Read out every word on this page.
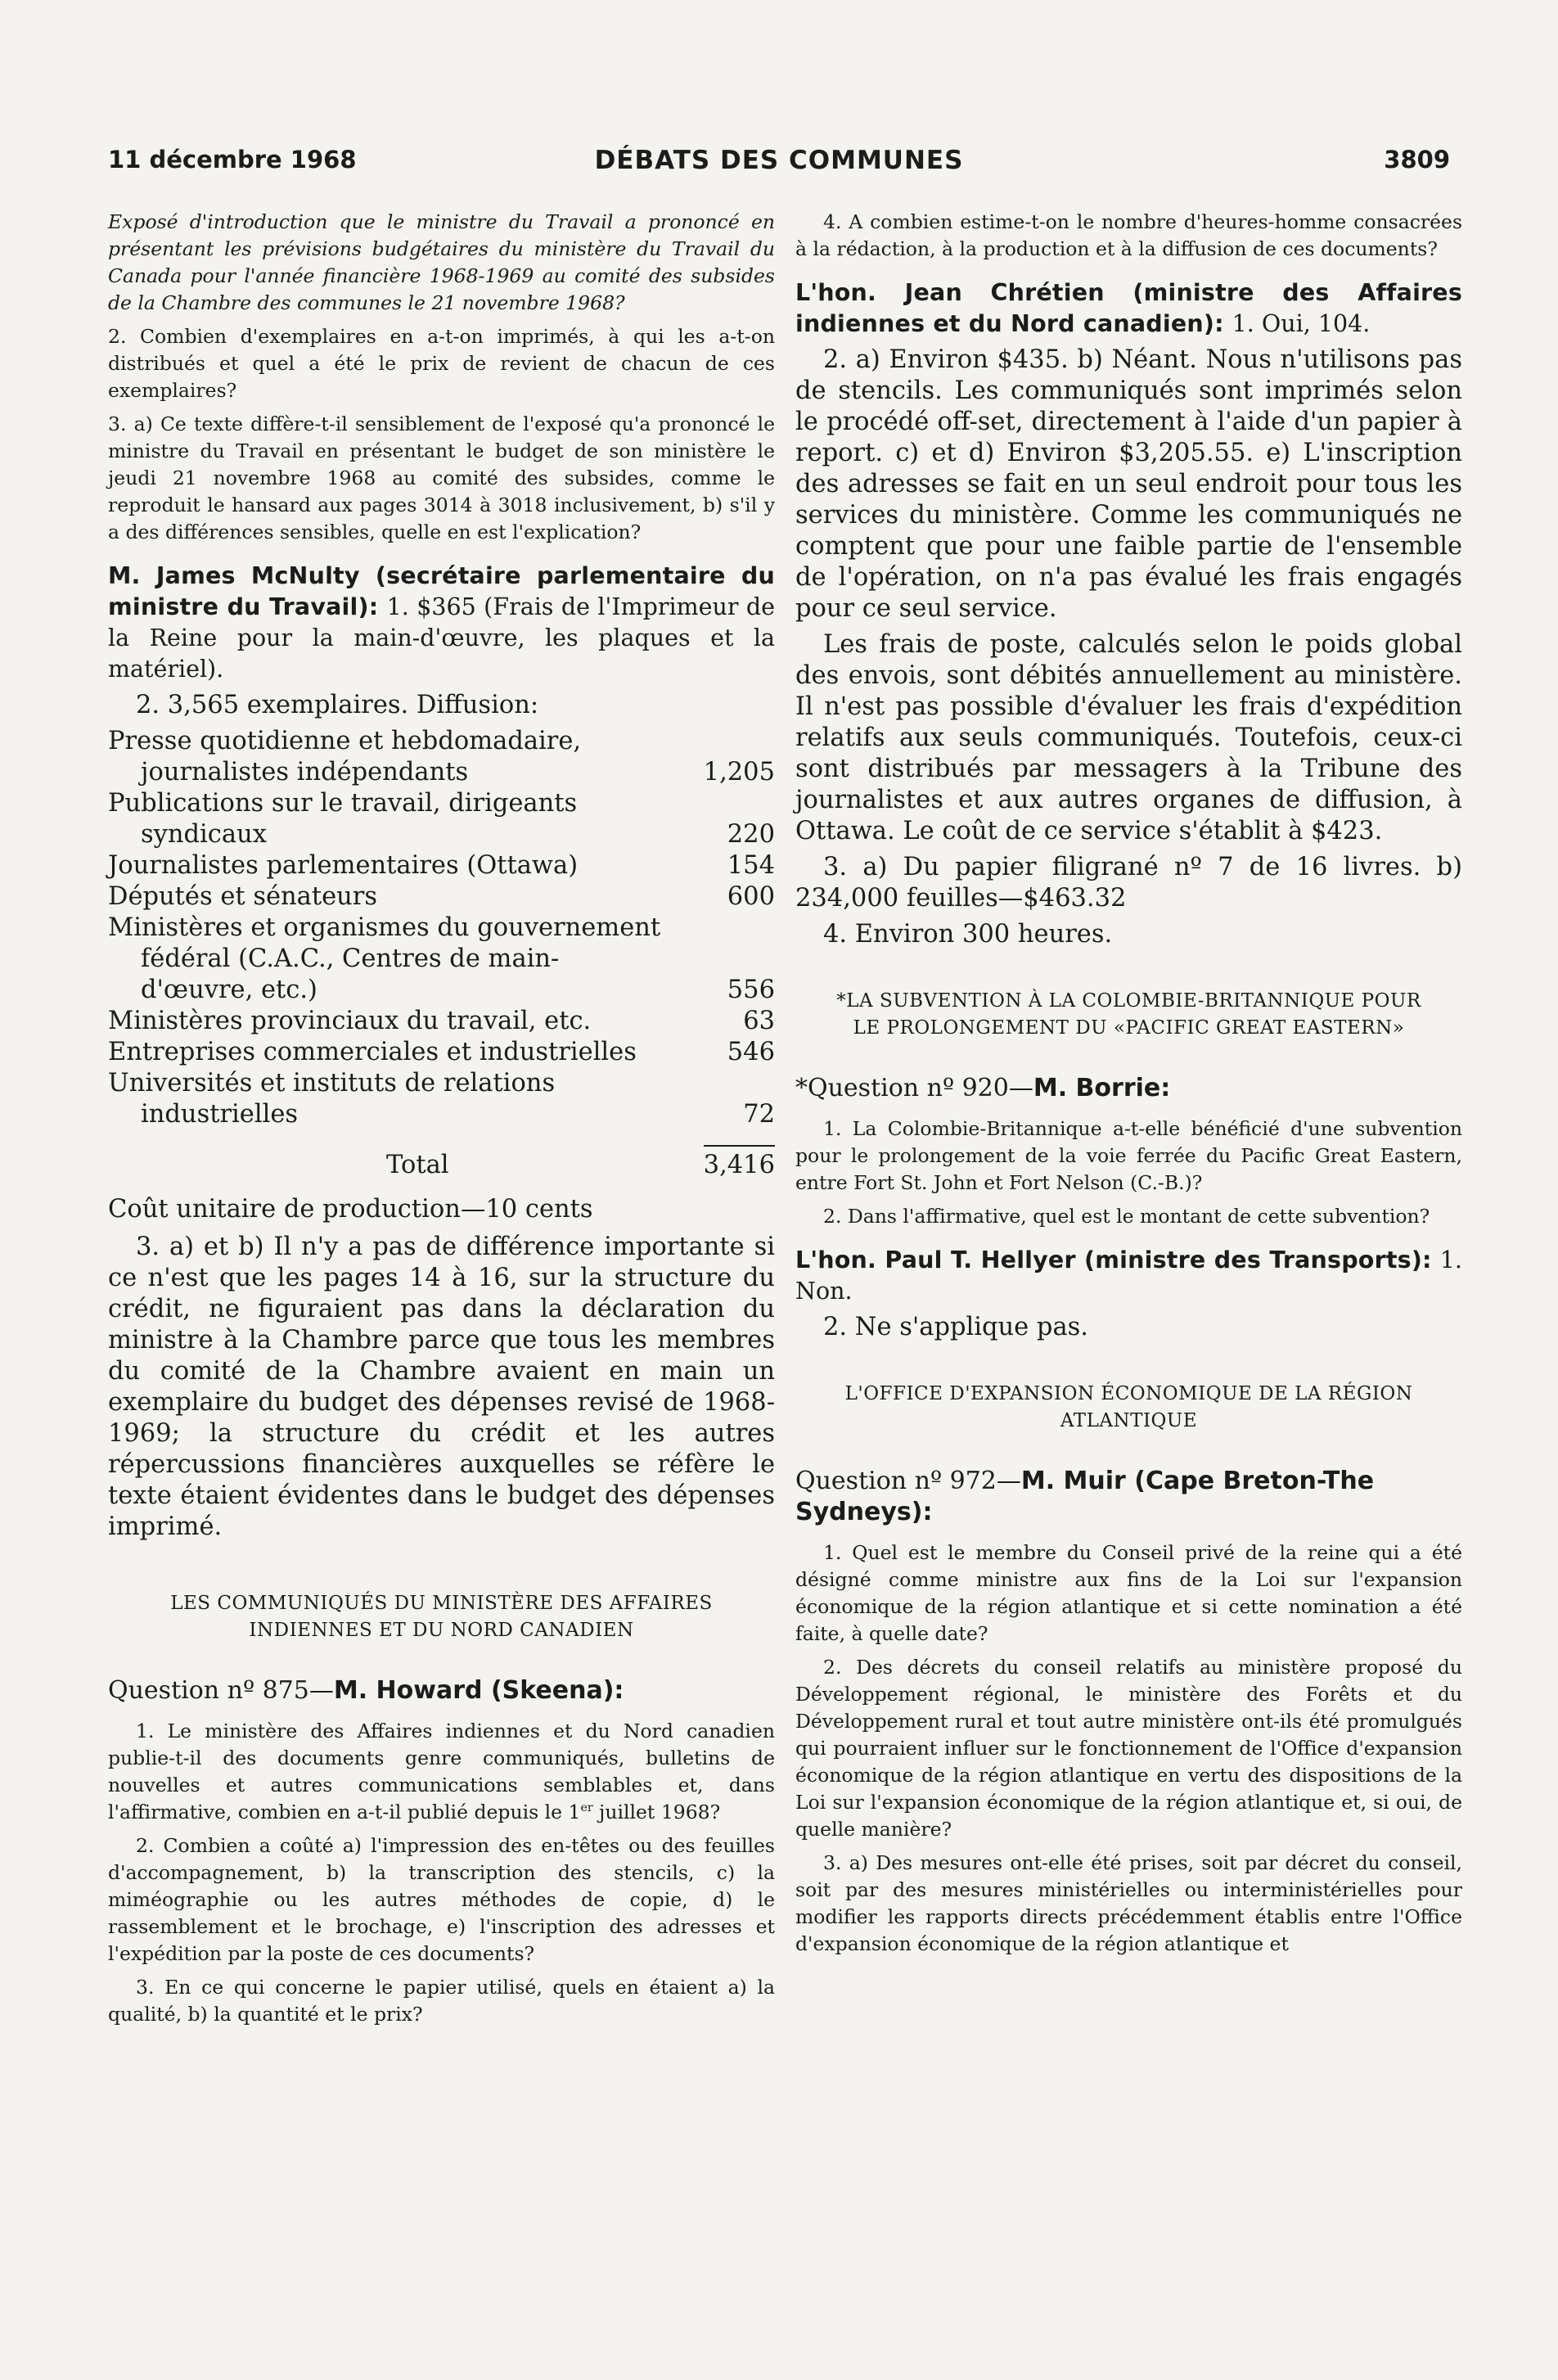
11 décembre 1968	DÉBATS DES COMMUNES	3809

Exposé d'introduction que le ministre du Travail a prononcé en présentant les prévisions budgétaires du ministère du Travail du Canada pour l'année financière 1968-1969 au comité des subsides de la Chambre des communes le 21 novembre 1968?

2. Combien d'exemplaires en a-t-on imprimés, à qui les a-t-on distribués et quel a été le prix de revient de chacun de ces exemplaires?

3. a) Ce texte diffère-t-il sensiblement de l'exposé qu'a prononcé le ministre du Travail en présentant le budget de son ministère le jeudi 21 novembre 1968 au comité des subsides, comme le reproduit le hansard aux pages 3014 à 3018 inclusivement, b) s'il y a des différences sensibles, quelle en est l'explication?

M. James McNulty (secrétaire parlementaire du ministre du Travail): 1. $365 (Frais de l'Imprimeur de la Reine pour la main-d'œuvre, les plaques et la matériel).

2. 3,565 exemplaires. Diffusion:

Presse quotidienne et hebdomadaire, journalistes indépendants	1,205
Publications sur le travail, dirigeants syndicaux	220
Journalistes parlementaires (Ottawa)	154
Députés et sénateurs	600
Ministères et organismes du gouvernement fédéral (C.A.C., Centres de main-d'œuvre, etc.)	556
Ministères provinciaux du travail, etc.	63
Entreprises commerciales et industrielles	546
Universités et instituts de relations industrielles	72
Total	3,416

Coût unitaire de production—10 cents

3. a) et b) Il n'y a pas de différence importante si ce n'est que les pages 14 à 16, sur la structure du crédit, ne figuraient pas dans la déclaration du ministre à la Chambre parce que tous les membres du comité de la Chambre avaient en main un exemplaire du budget des dépenses revisé de 1968-1969; la structure du crédit et les autres répercussions financières auxquelles se réfère le texte étaient évidentes dans le budget des dépenses imprimé.

LES COMMUNIQUÉS DU MINISTÈRE DES AFFAIRES INDIENNES ET DU NORD CANADIEN

Question nº 875—M. Howard (Skeena):

1. Le ministère des Affaires indiennes et du Nord canadien publie-t-il des documents genre communiqués, bulletins de nouvelles et autres communications semblables et, dans l'affirmative, combien en a-t-il publié depuis le 1er juillet 1968?

2. Combien a coûté a) l'impression des en-têtes ou des feuilles d'accompagnement, b) la transcription des stencils, c) la miméographie ou les autres méthodes de copie, d) le rassemblement et le brochage, e) l'inscription des adresses et l'expédition par la poste de ces documents?

3. En ce qui concerne le papier utilisé, quels en étaient a) la qualité, b) la quantité et le prix?

4. A combien estime-t-on le nombre d'heures-homme consacrées à la rédaction, à la production et à la diffusion de ces documents?

L'hon. Jean Chrétien (ministre des Affaires indiennes et du Nord canadien): 1. Oui, 104.

2. a) Environ $435. b) Néant. Nous n'utilisons pas de stencils. Les communiqués sont imprimés selon le procédé off-set, directement à l'aide d'un papier à report. c) et d) Environ $3,205.55. e) L'inscription des adresses se fait en un seul endroit pour tous les services du ministère. Comme les communiqués ne comptent que pour une faible partie de l'ensemble de l'opération, on n'a pas évalué les frais engagés pour ce seul service.

Les frais de poste, calculés selon le poids global des envois, sont débités annuellement au ministère. Il n'est pas possible d'évaluer les frais d'expédition relatifs aux seuls communiqués. Toutefois, ceux-ci sont distribués par messagers à la Tribune des journalistes et aux autres organes de diffusion, à Ottawa. Le coût de ce service s'établit à $423.

3. a) Du papier filigrané nº 7 de 16 livres. b) 234,000 feuilles—$463.32

4. Environ 300 heures.

*LA SUBVENTION À LA COLOMBIE-BRITANNIQUE POUR LE PROLONGEMENT DU «PACIFIC GREAT EASTERN»

*Question nº 920—M. Borrie:

1. La Colombie-Britannique a-t-elle bénéficié d'une subvention pour le prolongement de la voie ferrée du Pacific Great Eastern, entre Fort St. John et Fort Nelson (C.-B.)?

2. Dans l'affirmative, quel est le montant de cette subvention?

L'hon. Paul T. Hellyer (ministre des Transports): 1. Non.

2. Ne s'applique pas.

L'OFFICE D'EXPANSION ÉCONOMIQUE DE LA RÉGION ATLANTIQUE

Question nº 972—M. Muir (Cape Breton-The Sydneys):

1. Quel est le membre du Conseil privé de la reine qui a été désigné comme ministre aux fins de la Loi sur l'expansion économique de la région atlantique et si cette nomination a été faite, à quelle date?

2. Des décrets du conseil relatifs au ministère proposé du Développement régional, le ministère des Forêts et du Développement rural et tout autre ministère ont-ils été promulgués qui pourraient influer sur le fonctionnement de l'Office d'expansion économique de la région atlantique en vertu des dispositions de la Loi sur l'expansion économique de la région atlantique et, si oui, de quelle manière?

3. a) Des mesures ont-elle été prises, soit par décret du conseil, soit par des mesures ministérielles ou interministérielles pour modifier les rapports directs précédemment établis entre l'Office d'expansion économique de la région atlantique et
